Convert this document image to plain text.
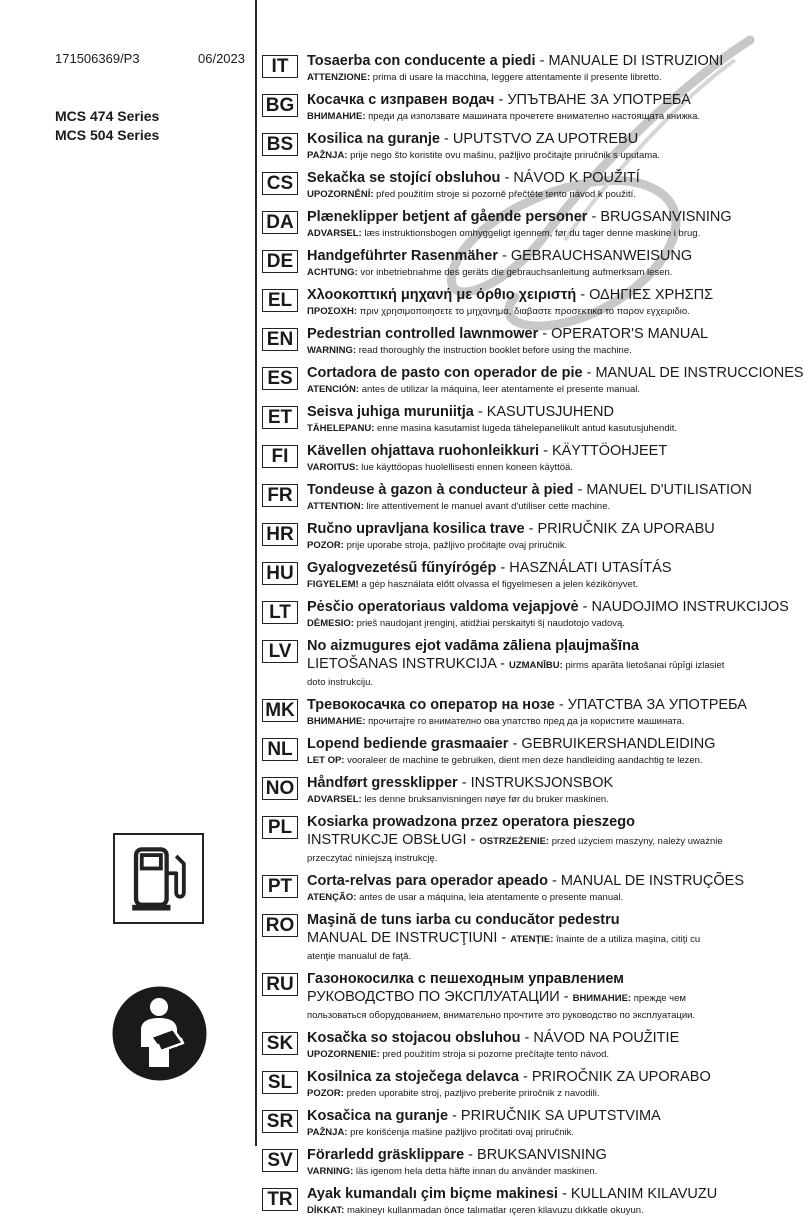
171506369/P3	06/2023
MCS 474 Series
MCS 504 Series
IT	Tosaerba con conducente a piedi - MANUALE DI ISTRUZIONI
ATTENZIONE: prima di usare la macchina, leggere attentamente il presente libretto.
BG Косачка с изправен водач - УПЪТВАНЕ ЗА УПОТРЕБА
ВНИМАНИЕ: преди да използвате машината прочетете внимателно настоящата книжка.
BS Kosilica na guranje - UPUTSTVO ZA UPOTREBU
PAŽNJA: prije nego što koristite ovu mašinu, pažljivo pročitajte priručnik s uputama.
CS Sekačka se stojící obsluhou - NÁVOD K POUŽITÍ
UPOZORNĚNÍ: před použitím stroje si pozorně přečtěte tento návod k použití.
DA Plæneklipper betjent af gående personer - BRUGSANVISNING
ADVARSEL: læs instruktionsbogen omhyggeligt igennem, før du tager denne maskine i brug.
DE Handgeführter Rasenmäher - GEBRAUCHSANWEISUNG
ACHTUNG: vor inbetriebnahme des geräts die gebrauchsanleitung aufmerksam lesen.
EL	Χλοοκοπτική μηχανή με όρθιο χειριστή - ΟΔΗΓΙΕΣ ΧΡΗΣΠΣ
ΠΡΟΣΟΧΗ: πριν χρησιμοποιησετε το μηχανημα, διαβαστε προσεκτικα το παρον εγχειριδιο.
EN Pedestrian controlled lawnmower - OPERATOR'S MANUAL
WARNING: read thoroughly the instruction booklet before using the machine.
ES Cortadora de pasto con operador de pie - MANUAL DE INSTRUCCIONES
ATENCIÓN: antes de utilizar la máquina, leer atentamente el presente manual.
ET	Seisva juhiga muruniitja - KASUTUSJUHEND
TÄHELEPANU: enne masina kasutamist lugeda tähelepanelikult antud kasutusjuhendit.
FI	Kävellen ohjattava ruohonleikkuri - KÄYTTÖOHJEET
VAROITUS: lue käyttöopas huolellisesti ennen koneen käyttöä.
FR Tondeuse à gazon à conducteur à pied - MANUEL D'UTILISATION
ATTENTION: lire attentivement le manuel avant d'utiliser cette machine.
HR Ručno upravljana kosilica trave - PRIRUČNIK ZA UPORABU
POZOR: prije uporabe stroja, pažljivo pročitajte ovaj priručnik.
HU Gyalogvezetésű fűnyírógép - HASZNÁLATI UTASÍTÁS
FIGYELEM! a gép használata előtt olvassa el figyelmesen a jelen kézikönyvet.
LT	Pėsčio operatoriaus valdoma vejapjovė - NAUDOJIMO INSTRUKCIJOS
DĖMESIO: prieš naudojant įrenginį, atidžiai perskaityti šį naudotojo vadovą.
LV	No aizmugures ejot vadāma zāliena pļaujmašīna
LIETOŠANAS INSTRUKCIJA - UZMANĪBU: pirms aparāta lietošanai rūpīgi izlasiet
doto instrukciju.
MK Тревокосачка со оператор на нозе - УПАТСТВА ЗА УПОТРЕБА
ВНИМАНИЕ: прочитајте го внимателно ова упатство пред да ја користите машината.
NL Lopend bediende grasmaaier - GEBRUIKERSHANDLEIDING
LET OP: vooraleer de machine te gebruiken, dient men deze handleiding aandachtig te lezen.
NO Håndført gressklipper - INSTRUKSJONSBOK
ADVARSEL: les denne bruksanvisningen nøye før du bruker maskinen.
PL	Kosiarka prowadzona przez operatora pieszego
INSTRUKCJE OBSŁUGI - OSTRZEŻENIE: przed użyciem maszyny, należy uważnie
przeczytać niniejszą instrukcję.
PT	Corta-relvas para operador apeado - MANUAL DE INSTRUÇÕES
ATENÇÃO: antes de usar a máquina, leia atentamente o presente manual.
RO Maşină de tuns iarba cu conducător pedestru
MANUAL DE INSTRUCŢIUNI - ATENŢIE: înainte de a utiliza maşina, citiţi cu
atenţie manualul de faţă.
RU Газонокосилка с пешеходным управлением
РУКОВОДСТВО ПО ЭКСПЛУАТАЦИИ - ВНИМАНИЕ: прежде чем
пользоваться оборудованием, внимательно прочтите это руководство по эксплуатации.
SK Kosačka so stojacou obsluhou - NÁVOD NA POUŽITIE
UPOZORNENIE: pred použitím stroja si pozorne prečítajte tento návod.
SL	Kosilnica za stoječega delavca - PRIROČNIK ZA UPORABO
POZOR: preden uporabite stroj, pazljivo preberite priročnik z navodili.
SR Kosačica na guranje - PRIRUČNIK SA UPUTSTVIMA
PAŽNJA: pre korišćenja mašine pažljivo pročitati ovaj priručnik.
SV Förarledd gräsklippare - BRUKSANVISNING
VARNING: läs igenom hela detta häfte innan du använder maskinen.
TR Ayak kumandalı çim biçme makinesi - KULLANIM KILAVUZU
DİKKAT: makineyı kullanmadan önce talımatlar ıçeren kilavuzu dıkkatle okuyun.
